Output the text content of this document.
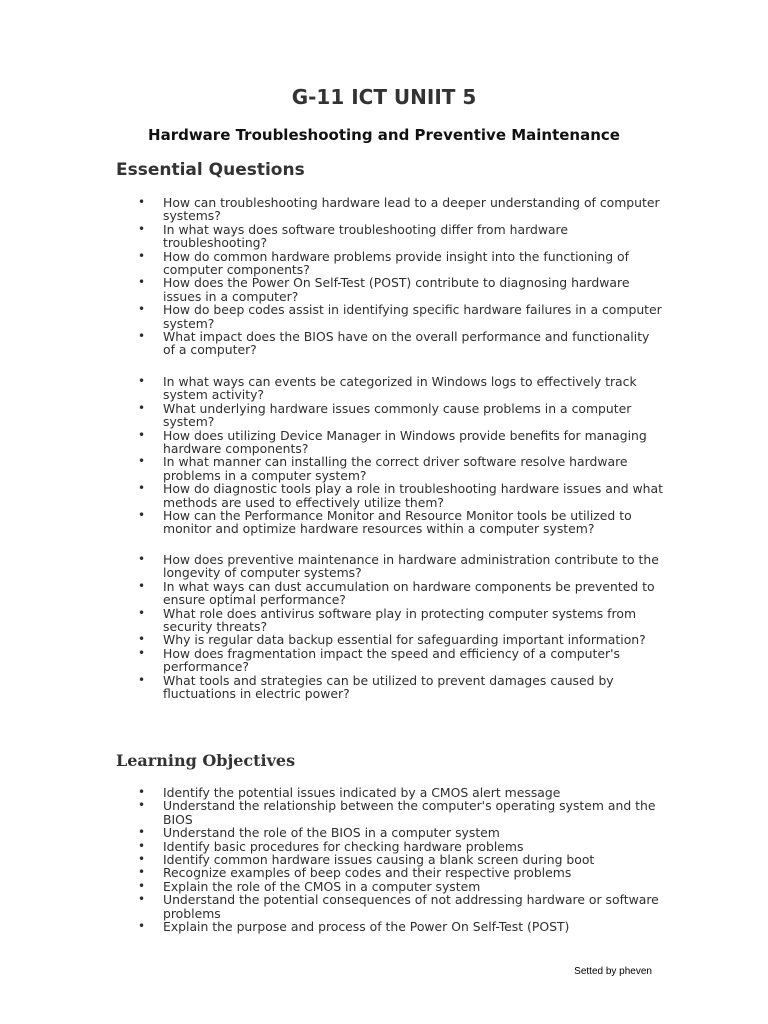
G-11 ICT UNIIT 5
Hardware Troubleshooting and Preventive Maintenance
Essential Questions
• How can troubleshooting hardware lead to a deeper understanding of computer systems?
• In what ways does software troubleshooting differ from hardware troubleshooting?
• How do common hardware problems provide insight into the functioning of computer components?
• How does the Power On Self-Test (POST) contribute to diagnosing hardware issues in a computer?
• How do beep codes assist in identifying specific hardware failures in a computer system?
• What impact does the BIOS have on the overall performance and functionality of a computer?
• In what ways can events be categorized in Windows logs to effectively track system activity?
• What underlying hardware issues commonly cause problems in a computer system?
• How does utilizing Device Manager in Windows provide benefits for managing hardware components?
• In what manner can installing the correct driver software resolve hardware problems in a computer system?
• How do diagnostic tools play a role in troubleshooting hardware issues and what methods are used to effectively utilize them?
• How can the Performance Monitor and Resource Monitor tools be utilized to monitor and optimize hardware resources within a computer system?
• How does preventive maintenance in hardware administration contribute to the longevity of computer systems?
• In what ways can dust accumulation on hardware components be prevented to ensure optimal performance?
• What role does antivirus software play in protecting computer systems from security threats?
• Why is regular data backup essential for safeguarding important information?
• How does fragmentation impact the speed and efficiency of a computer's performance?
• What tools and strategies can be utilized to prevent damages caused by fluctuations in electric power?
Learning Objectives
• Identify the potential issues indicated by a CMOS alert message
• Understand the relationship between the computer's operating system and the BIOS
• Understand the role of the BIOS in a computer system
• Identify basic procedures for checking hardware problems
• Identify common hardware issues causing a blank screen during boot
• Recognize examples of beep codes and their respective problems
• Explain the role of the CMOS in a computer system
• Understand the potential consequences of not addressing hardware or software problems
• Explain the purpose and process of the Power On Self-Test (POST)
Setted by pheven
